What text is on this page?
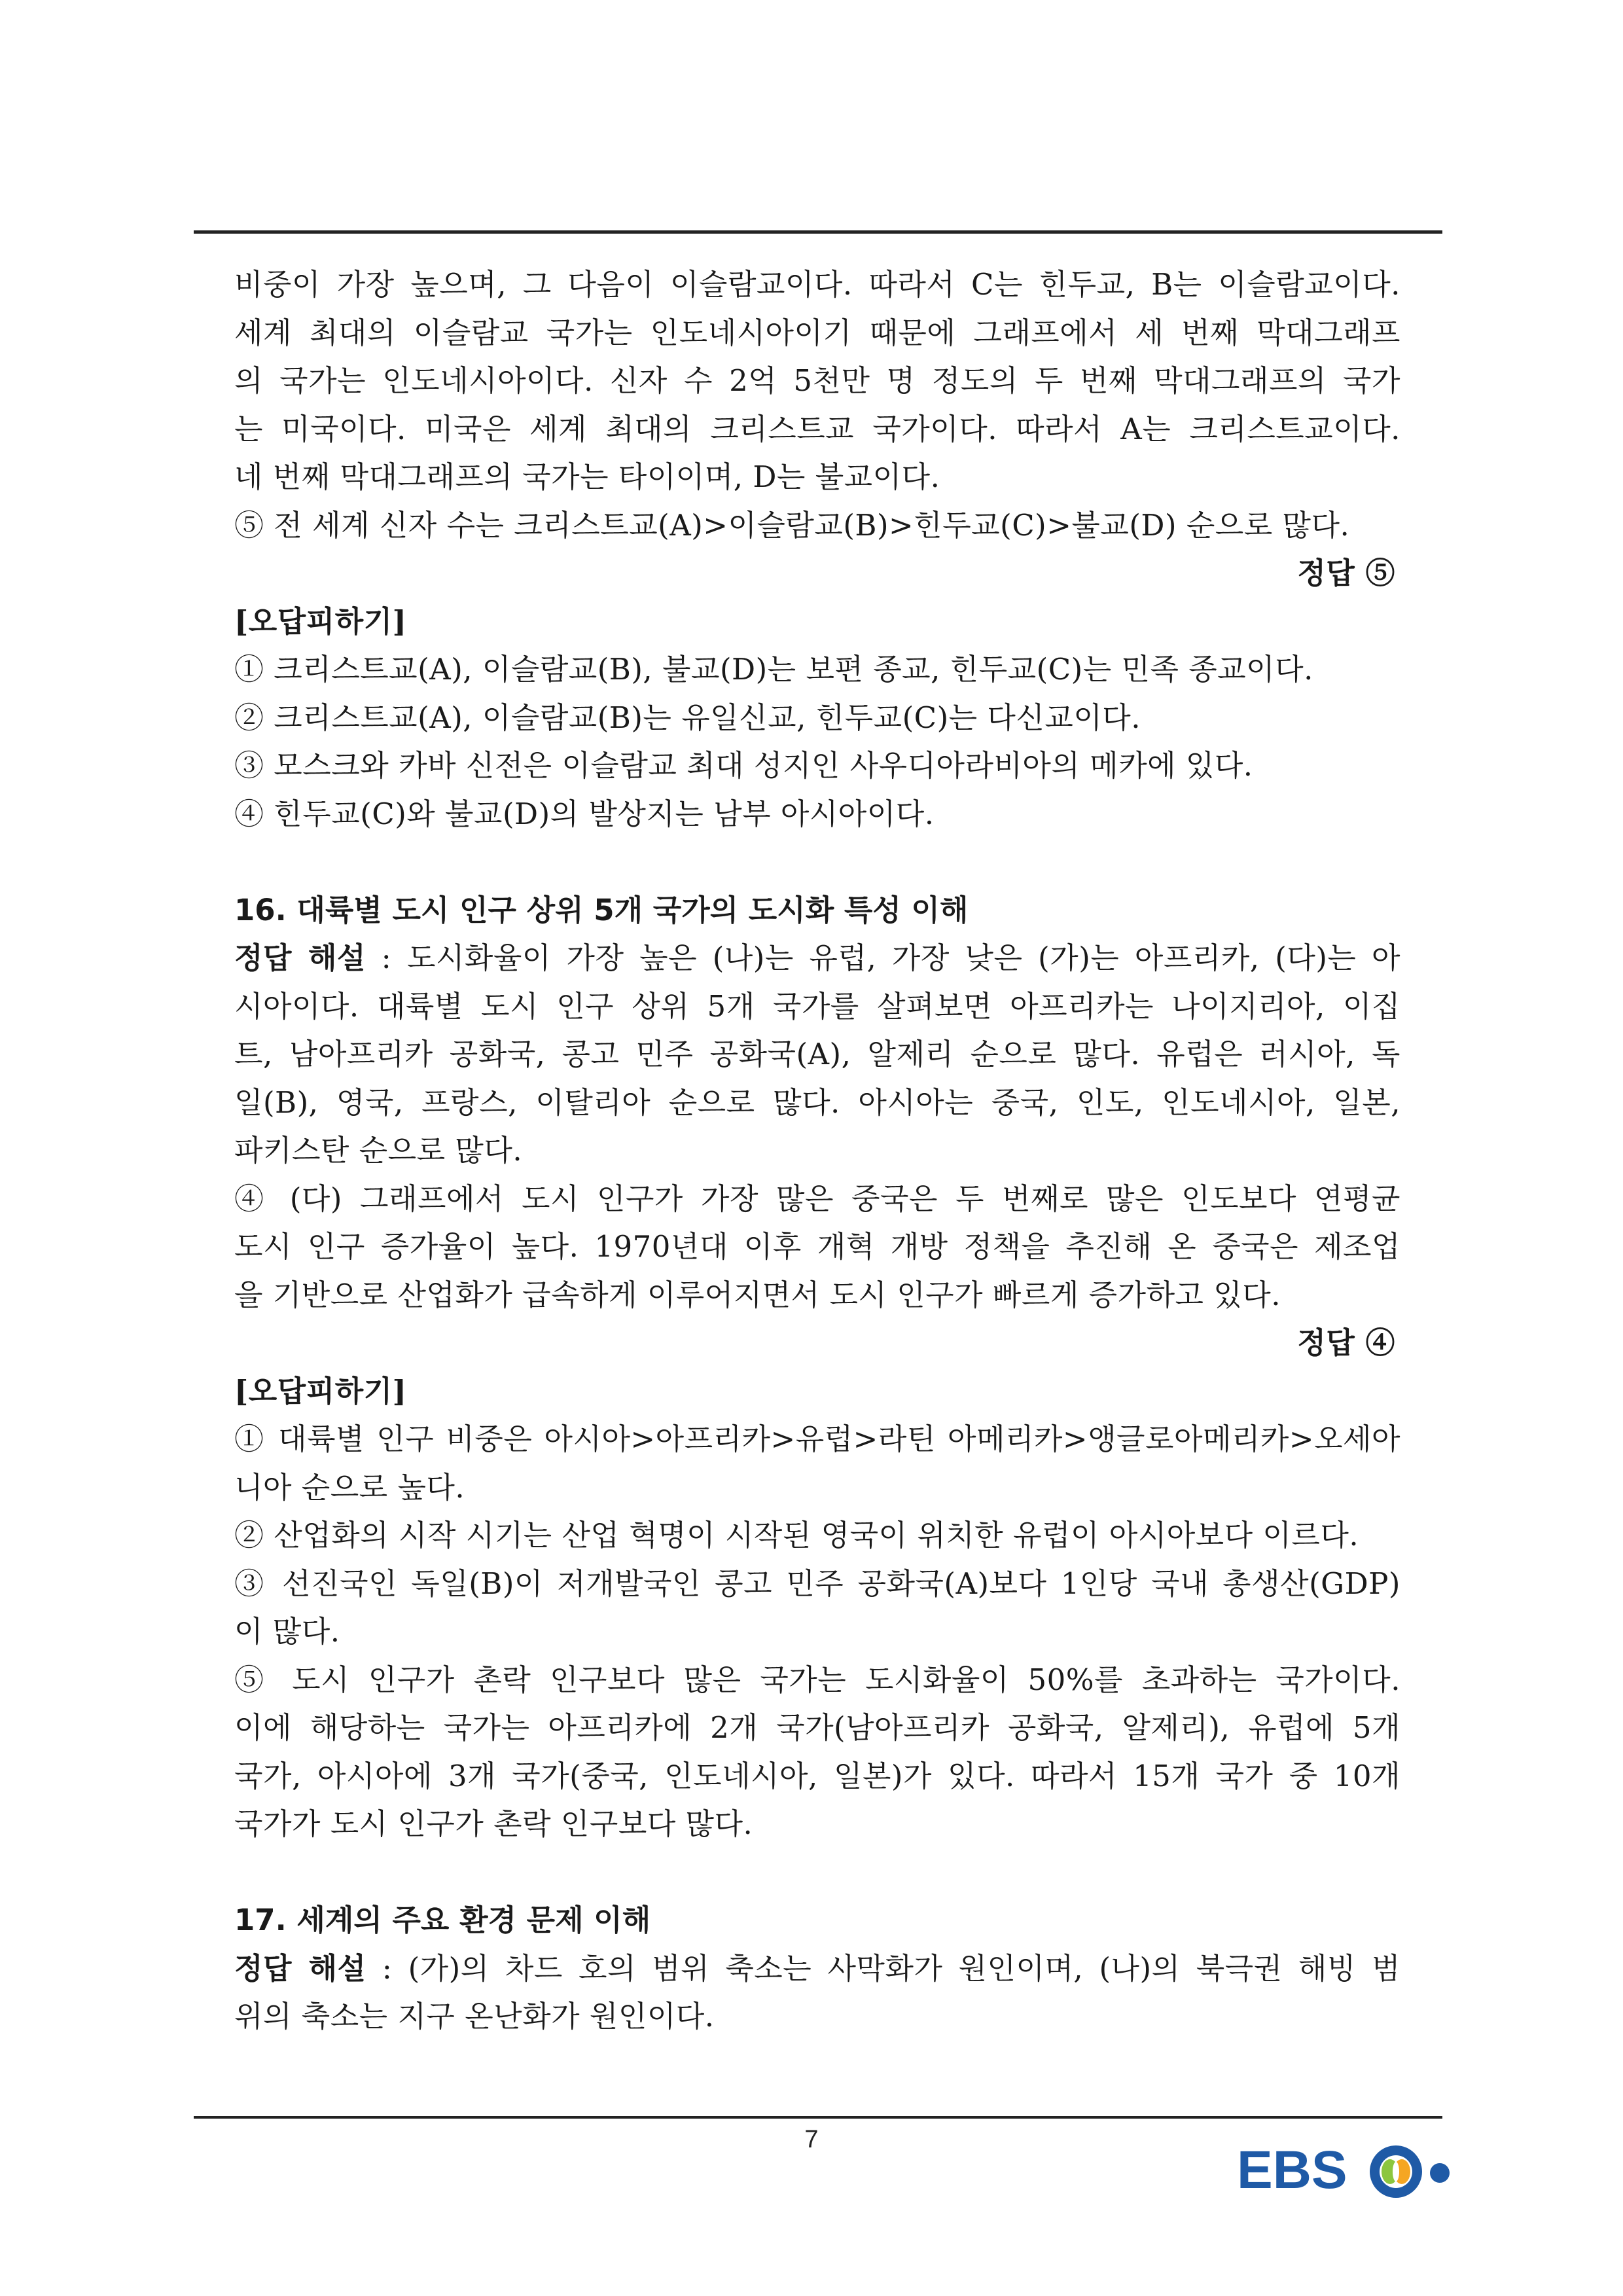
비중이 가장 높으며, 그 다음이 이슬람교이다. 따라서 C는 힌두교, B는 이슬람교이다.
세계 최대의 이슬람교 국가는 인도네시아이기 때문에 그래프에서 세 번째 막대그래프
의 국가는 인도네시아이다. 신자 수 2억 5천만 명 정도의 두 번째 막대그래프의 국가
는 미국이다. 미국은 세계 최대의 크리스트교 국가이다. 따라서 A는 크리스트교이다.
네 번째 막대그래프의 국가는 타이이며, D는 불교이다.
⑤ 전 세계 신자 수는 크리스트교(A)>이슬람교(B)>힌두교(C)>불교(D) 순으로 많다.
정답 ⑤
[오답피하기]
① 크리스트교(A), 이슬람교(B), 불교(D)는 보편 종교, 힌두교(C)는 민족 종교이다.
② 크리스트교(A), 이슬람교(B)는 유일신교, 힌두교(C)는 다신교이다.
③ 모스크와 카바 신전은 이슬람교 최대 성지인 사우디아라비아의 메카에 있다.
④ 힌두교(C)와 불교(D)의 발상지는 남부 아시아이다.
16. 대륙별 도시 인구 상위 5개 국가의 도시화 특성 이해
정답 해설 : 도시화율이 가장 높은 (나)는 유럽, 가장 낮은 (가)는 아프리카, (다)는 아
시아이다. 대륙별 도시 인구 상위 5개 국가를 살펴보면 아프리카는 나이지리아, 이집
트, 남아프리카 공화국, 콩고 민주 공화국(A), 알제리 순으로 많다. 유럽은 러시아, 독
일(B), 영국, 프랑스, 이탈리아 순으로 많다. 아시아는 중국, 인도, 인도네시아, 일본,
파키스탄 순으로 많다.
④ (다) 그래프에서 도시 인구가 가장 많은 중국은 두 번째로 많은 인도보다 연평균
도시 인구 증가율이 높다. 1970년대 이후 개혁 개방 정책을 추진해 온 중국은 제조업
을 기반으로 산업화가 급속하게 이루어지면서 도시 인구가 빠르게 증가하고 있다.
정답 ④
[오답피하기]
① 대륙별 인구 비중은 아시아>아프리카>유럽>라틴 아메리카>앵글로아메리카>오세아
니아 순으로 높다.
② 산업화의 시작 시기는 산업 혁명이 시작된 영국이 위치한 유럽이 아시아보다 이르다.
③ 선진국인 독일(B)이 저개발국인 콩고 민주 공화국(A)보다 1인당 국내 총생산(GDP)
이 많다.
⑤ 도시 인구가 촌락 인구보다 많은 국가는 도시화율이 50%를 초과하는 국가이다.
이에 해당하는 국가는 아프리카에 2개 국가(남아프리카 공화국, 알제리), 유럽에 5개
국가, 아시아에 3개 국가(중국, 인도네시아, 일본)가 있다. 따라서 15개 국가 중 10개
국가가 도시 인구가 촌락 인구보다 많다.
17. 세계의 주요 환경 문제 이해
정답 해설 : (가)의 차드 호의 범위 축소는 사막화가 원인이며, (나)의 북극권 해빙 범
위의 축소는 지구 온난화가 원인이다.
7
EBS
